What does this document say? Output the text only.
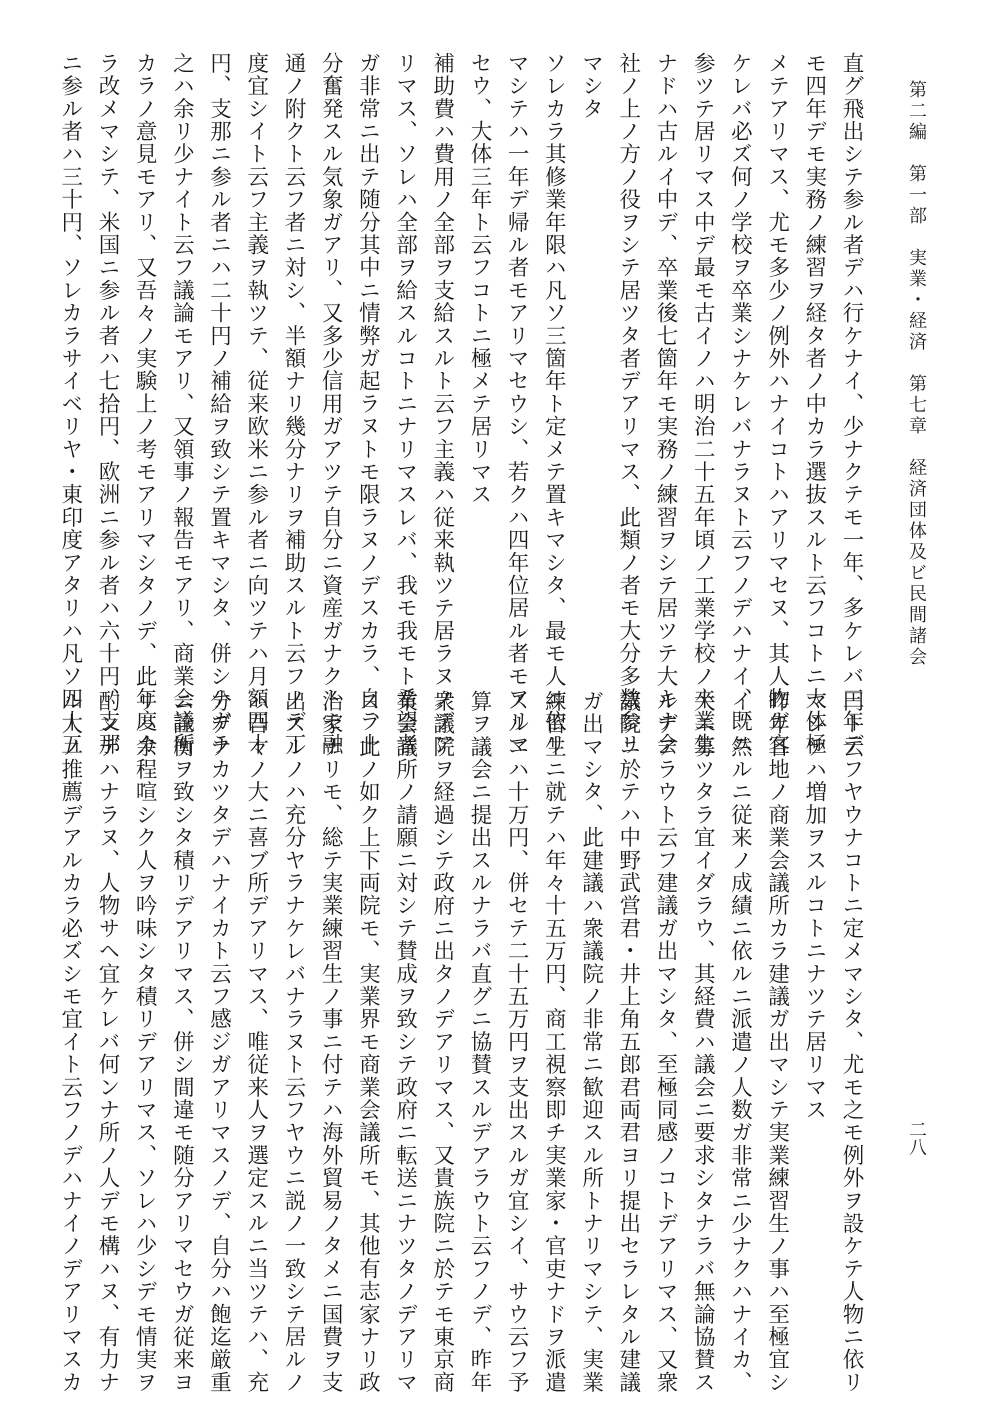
第二編　第一部　実業・経済　第七章　経済団体及ビ民間諸会
二八
直グ飛出シテ参ル者デハ行ケナイ、少ナクテモ一年、多ケレバ三年デ
モ四年デモ実務ノ練習ヲ経タ者ノ中カラ選抜スルト云フコトニ大体極
メテアリマス、尤モ多少ノ例外ハナイコトハアリマセヌ、其人物ガ宜
ケレバ必ズ何ノ学校ヲ卒業シナケレバナラヌト云フノデハナイ、既ニ
参ツテ居リマス中デ最モ古イノハ明治二十五年頃ノ工業学校ノ卒業生
ナドハ古ルイ中デ、卒業後七箇年モ実務ノ練習ヲシテ居ツテ大キナ会
社ノ上ノ方ノ役ヲシテ居ツタ者デアリマス、此類ノ者モ大分多数参リ
マシタ
ソレカラ其修業年限ハ凡ソ三箇年ト定メテ置キマシタ、最モ人ニ依リ
マシテハ一年デ帰ル者モアリマセウシ、若クハ四年位居ル者モアリマ
セウ、大体三年ト云フコトニ極メテ居リマス
補助費ハ費用ノ全部ヲ支給スルト云フ主義ハ従来執ツテ居ラヌノデア
リマス、ソレハ全部ヲ給スルコトニナリマスレバ、我モ我モト希望者
ガ非常ニ出テ随分其中ニ情弊ガ起ラヌトモ限ラヌノデスカラ、自ラ十
分奮発スル気象ガアリ、又多少信用ガアツテ自分ニ資産ガナクトモ融
通ノ附クト云フ者ニ対シ、半額ナリ幾分ナリヲ補助スルト云フノデ丁
度宜シイト云フ主義ヲ執ツテ、従来欧米ニ参ル者ニ向ツテハ月額四十
円、支那ニ参ル者ニハ二十円ノ補給ヲ致シテ置キマシタ、併シナガラ
之ハ余リ少ナイト云フ議論モアリ、又領事ノ報告モアリ、商業会議所
カラノ意見モアリ、又吾々ノ実験上ノ考モアリマシタノデ、此年度カ
ラ改メマシテ、米国ニ参ル者ハ七拾円、欧洲ニ参ル者ハ六十円、支那
ニ参ル者ハ三十円、ソレカラサイベリヤ・東印度アタリハ凡ソ四十五
円ト云フヤウナコトニ定メマシタ、尤モ之モ例外ヲ設ケテ人物ニ依リ
マシテハ増加ヲスルコトニナツテ居リマス
昨年各地ノ商業会議所カラ建議ガ出マシテ実業練習生ノ事ハ至極宜シ
イ、然ルニ従来ノ成績ニ依ルニ派遣ノ人数ガ非常ニ少ナクハナイカ、
大ニ募ツタラ宜イダラウ、其経費ハ議会ニ要求シタナラバ無論協賛ス
ルデアラウト云フ建議ガ出マシタ、至極同感ノコトデアリマス、又衆
議院ニ於テハ中野武営君・井上角五郎君両君ヨリ提出セラレタル建議
ガ出マシタ、此建議ハ衆議院ノ非常ニ歓迎スル所トナリマシテ、実業
練習生ニ就テハ年々十五万円、商工視察即チ実業家・官吏ナドヲ派遣
スルニハ十万円、併セテ二十五万円ヲ支出スルガ宜シイ、サウ云フ予
算ヲ議会ニ提出スルナラバ直グニ協賛スルデアラウト云フノデ、昨年
衆議院ヲ経過シテ政府ニ出タノデアリマス、又貴族院ニ於テモ東京商
業会議所ノ請願ニ対シテ賛成ヲ致シテ政府ニ転送ニナツタノデアリマ
ス、此ノ如ク上下両院モ、実業界モ商業会議所モ、其他有志家ナリ政
治家ナリモ、総テ実業練習生ノ事ニ付テハ海外貿易ノタメニ国費ヲ支
出スルノハ充分ヤラナケレバナラヌト云フヤウニ説ノ一致シテ居ルノ
ハ吾々ノ大ニ喜ブ所デアリマス、唯従来人ヲ選定スルニ当ツテハ、充
分デナカツタデハナイカト云フ感ジガアリマスノデ、自分ハ飽迄厳重
ニ詮衡ヲ致シタ積リデアリマス、併シ間違モ随分アリマセウガ従来ヨ
リハ余程喧シク人ヲ吟味シタ積リデアリマス、ソレハ少シデモ情実ヲ
酌ンデハナラヌ、人物サヘ宜ケレバ何ンナ所ノ人デモ構ハヌ、有力ナ
ル人ノ推薦デアルカラ必ズシモ宜イト云フノデハナイノデアリマスカ
